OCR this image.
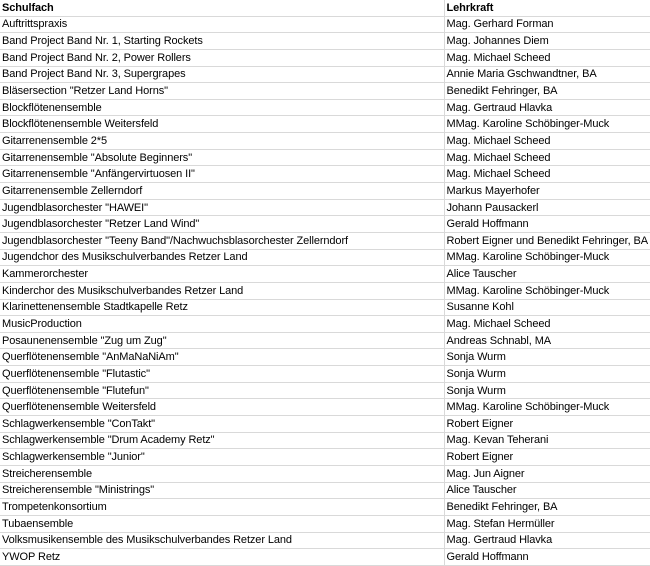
Schulfach	Lehrkraft
Auftrittspraxis	Mag. Gerhard Forman
Band Project Band Nr. 1, Starting Rockets	Mag. Johannes Diem
Band Project Band Nr. 2, Power Rollers	Mag. Michael Scheed
Band Project Band Nr. 3, Supergrapes	Annie Maria Gschwandtner, BA
Bläsersection "Retzer Land Horns"	Benedikt Fehringer, BA
Blockflötenensemble	Mag. Gertraud Hlavka
Blockflötenensemble Weitersfeld	MMag. Karoline Schöbinger-Muck
Gitarrenensemble 2*5	Mag. Michael Scheed
Gitarrenensemble "Absolute Beginners"	Mag. Michael Scheed
Gitarrenensemble "Anfängervirtuosen II"	Mag. Michael Scheed
Gitarrenensemble Zellerndorf	Markus Mayerhofer
Jugendblasorchester "HAWEI"	Johann Pausackerl
Jugendblasorchester "Retzer Land Wind"	Gerald Hoffmann
Jugendblasorchester "Teeny Band"/Nachwuchsblasorchester Zellerndorf	Robert Eigner und Benedikt Fehringer, BA
Jugendchor des Musikschulverbandes Retzer Land	MMag. Karoline Schöbinger-Muck
Kammerorchester	Alice Tauscher
Kinderchor des Musikschulverbandes Retzer Land	MMag. Karoline Schöbinger-Muck
Klarinettenensemble Stadtkapelle Retz	Susanne Kohl
MusicProduction	Mag. Michael Scheed
Posaunenensemble "Zug um Zug"	Andreas Schnabl, MA
Querflötenensemble "AnMaNaNiAm"	Sonja Wurm
Querflötenensemble "Flutastic"	Sonja Wurm
Querflötenensemble "Flutefun"	Sonja Wurm
Querflötenensemble Weitersfeld	MMag. Karoline Schöbinger-Muck
Schlagwerkensemble "ConTakt"	Robert Eigner
Schlagwerkensemble "Drum Academy Retz"	Mag. Kevan Teherani
Schlagwerkensemble "Junior"	Robert Eigner
Streicherensemble	Mag. Jun Aigner
Streicherensemble "Ministrings"	Alice Tauscher
Trompetenkonsortium	Benedikt Fehringer, BA
Tubaensemble	Mag. Stefan Hermüller
Volksmusikensemble des Musikschulverbandes Retzer Land	Mag. Gertraud Hlavka
YWOP Retz	Gerald Hoffmann
